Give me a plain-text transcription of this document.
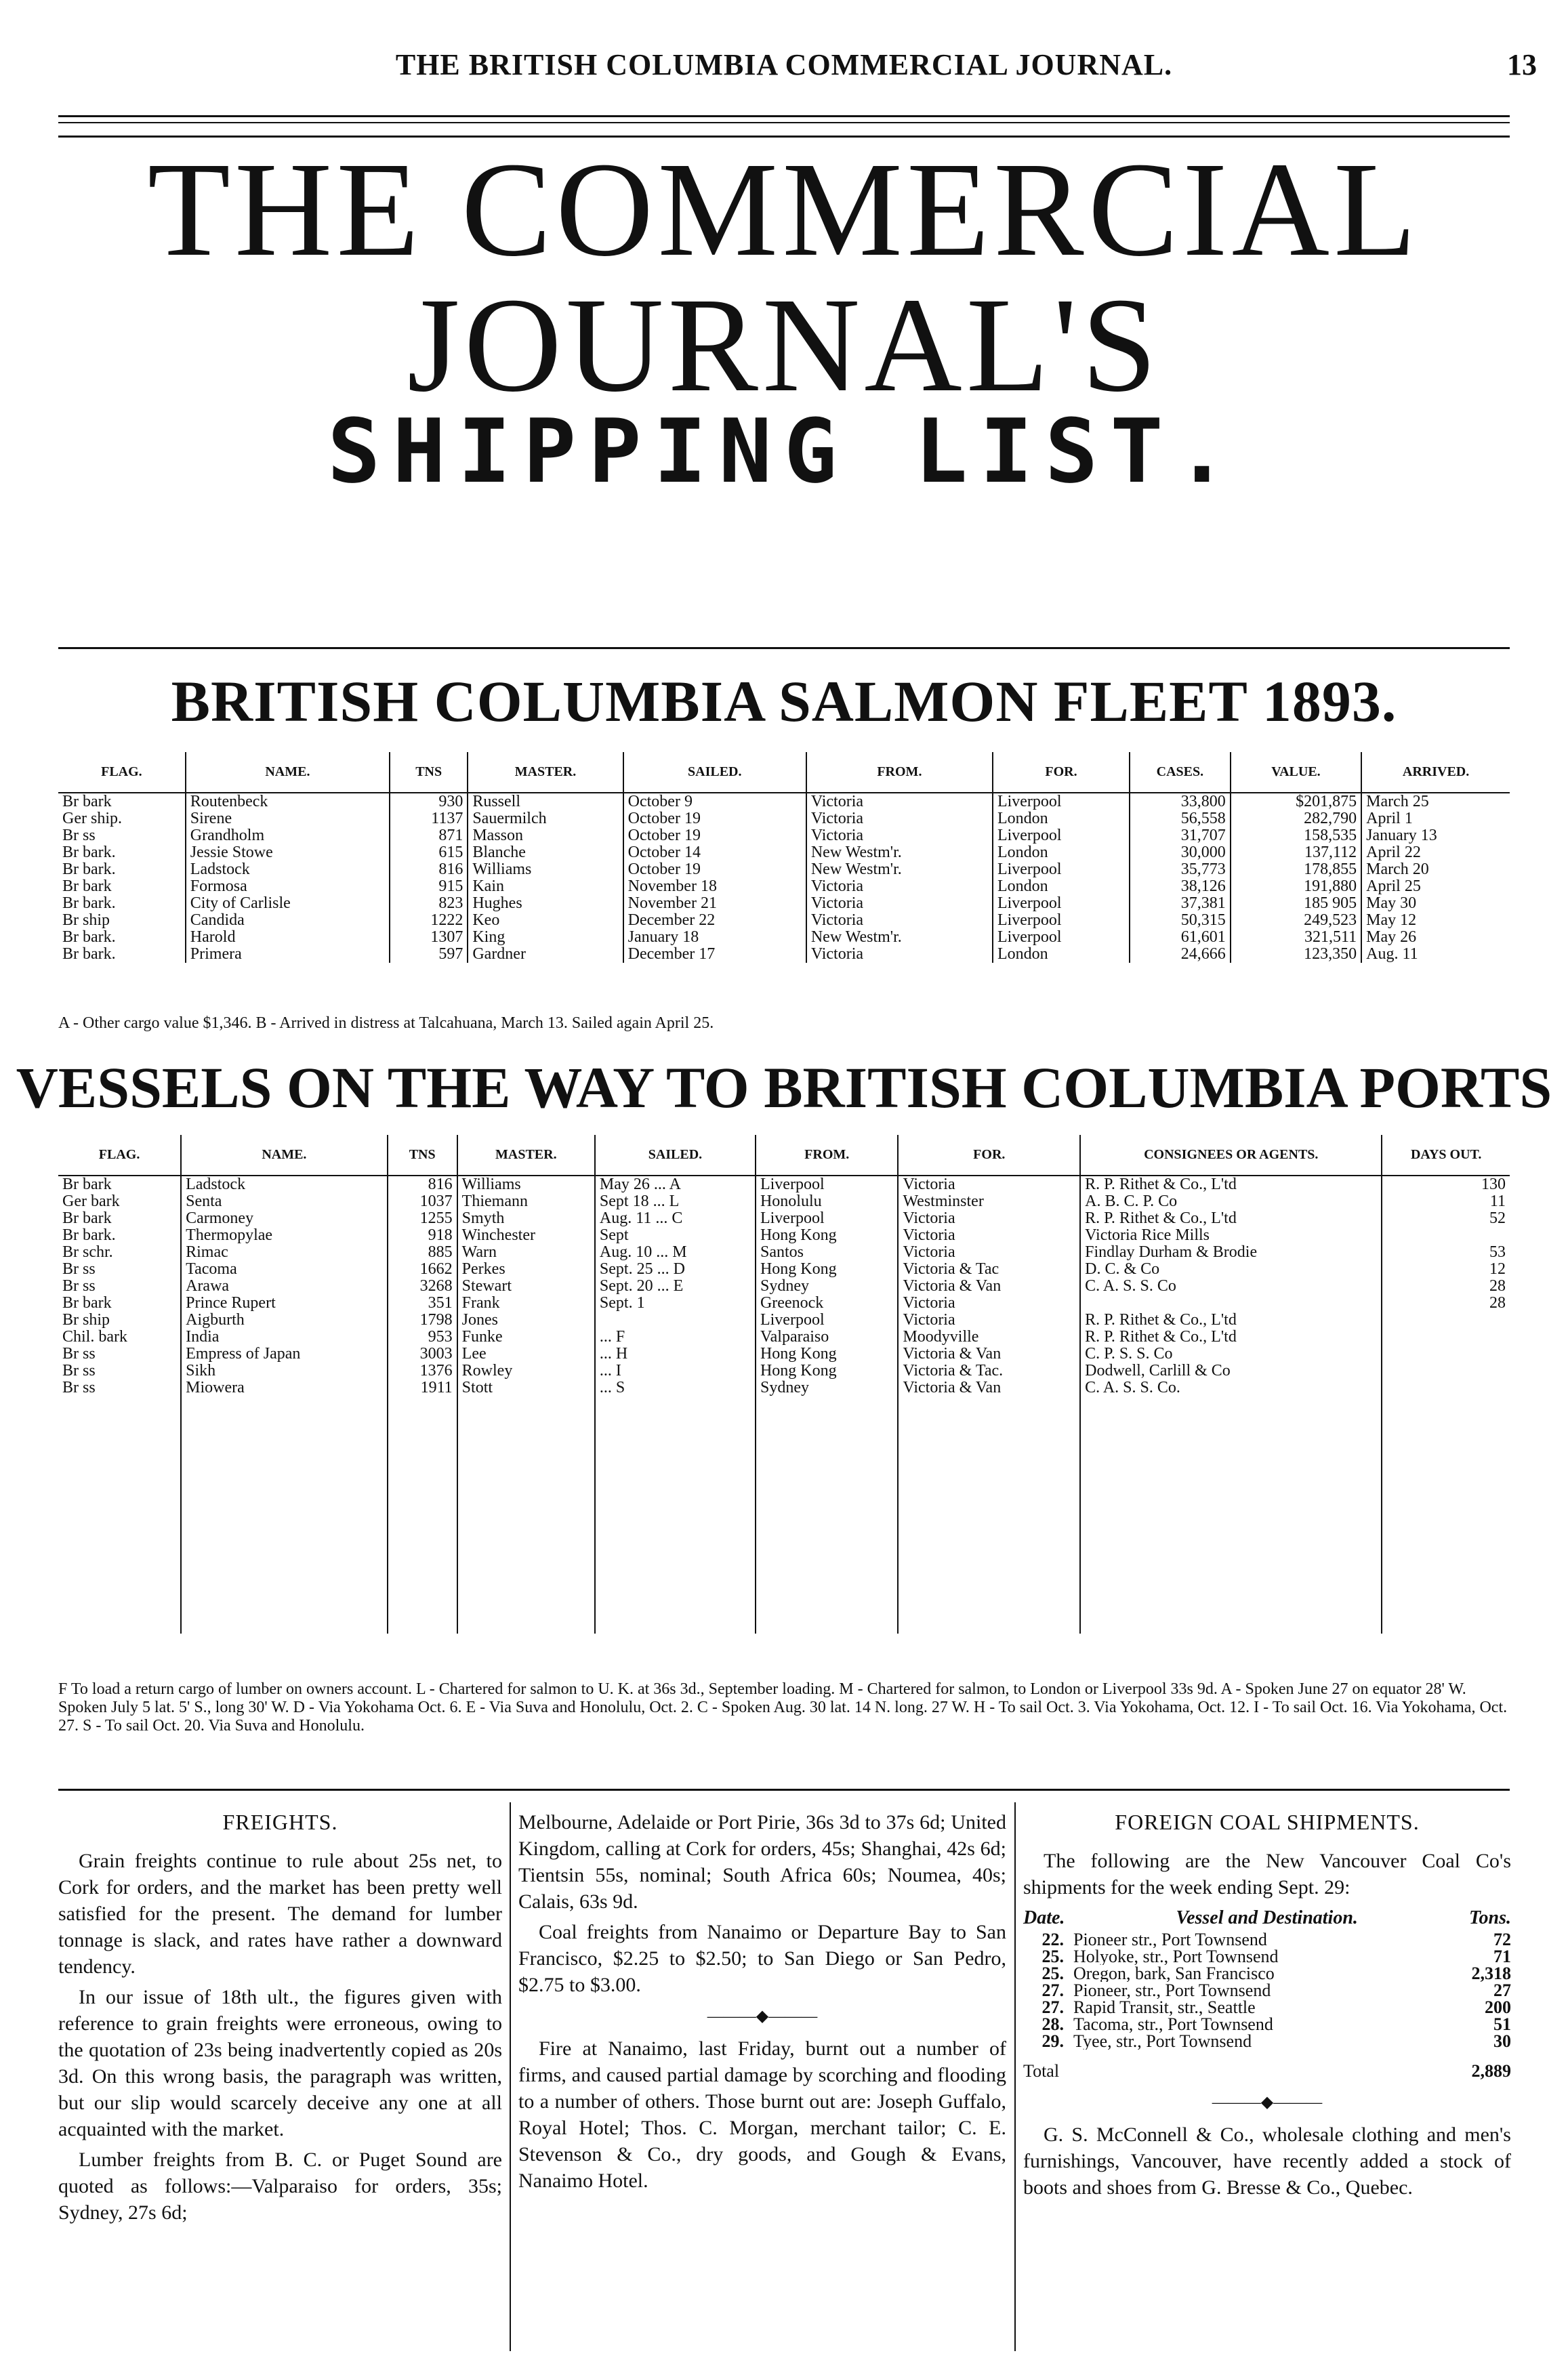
THE BRITISH COLUMBIA COMMERCIAL JOURNAL.	13
THE COMMERCIAL JOURNAL'S
SHIPPING LIST.
BRITISH COLUMBIA SALMON FLEET 1893.
FLAG.	NAME.	TNS	MASTER.	SAILED.	FROM.	FOR.	CASES.	VALUE.	ARRIVED.
Br bark	Routenbeck	930	Russell	October 9	Victoria	Liverpool	33,800	$201,875	March 25
Ger ship.	Sirene	1137	Sauermilch	October 19	Victoria	London	56,558	282,790	April 1
Br ss	Grandholm	871	Masson	October 19	Victoria	Liverpool	31,707	158,535	January 13
Br bark.	Jessie Stowe	615	Blanche	October 14	New Westm'r.	London	30,000	137,112	April 22
Br bark.	Ladstock	816	Williams	October 19	New Westm'r.	Liverpool	35,773	178,855	March 20
Br bark	Formosa	915	Kain	November 18	Victoria	London	38,126	191,880	April 25
Br bark.	City of Carlisle	823	Hughes	November 21	Victoria	Liverpool	37,381	185 905	May 30
Br ship	Candida	1222	Keo	December 22	Victoria	Liverpool	50,315	249,523	May 12
Br bark.	Harold	1307	King	January 18	New Westm'r.	Liverpool	61,601	321,511	May 26
Br bark.	Primera	597	Gardner	December 17	Victoria	London	24,666	123,350	Aug. 11
A - Other cargo value $1,346. B - Arrived in distress at Talcahuana, March 13. Sailed again April 25.
VESSELS ON THE WAY TO BRITISH COLUMBIA PORTS
FLAG.	NAME.	TNS	MASTER.	SAILED.	FROM.	FOR.	CONSIGNEES OR AGENTS.	DAYS OUT.
Br bark	Ladstock	816	Williams	May 26 ... A	Liverpool	Victoria	R. P. Rithet & Co., L'td	130
Ger bark	Senta	1037	Thiemann	Sept 18 ... L	Honolulu	Westminster	A. B. C. P. Co	11
Br bark	Carmoney	1255	Smyth	Aug. 11 ... C	Liverpool	Victoria	R. P. Rithet & Co., L'td	52
Br bark.	Thermopylae	918	Winchester	Sept	Hong Kong	Victoria	Victoria Rice Mills	
Br schr.	Rimac	885	Warn	Aug. 10 ... M	Santos	Victoria	Findlay Durham & Brodie	53
Br ss	Tacoma	1662	Perkes	Sept. 25 ... D	Hong Kong	Victoria & Tac	D. C. & Co	12
Br ss	Arawa	3268	Stewart	Sept. 20 ... E	Sydney	Victoria & Van	C. A. S. S. Co	28
Br bark	Prince Rupert	351	Frank	Sept. 1	Greenock	Victoria		28
Br ship	Aigburth	1798	Jones		Liverpool	Victoria	R. P. Rithet & Co., L'td	
Chil. bark	India	953	Funke	... F	Valparaiso	Moodyville	R. P. Rithet & Co., L'td	
Br ss	Empress of Japan	3003	Lee	... H	Hong Kong	Victoria & Van	C. P. S. S. Co	
Br ss	Sikh	1376	Rowley	... I	Hong Kong	Victoria & Tac.	Dodwell, Carlill & Co	
Br ss	Miowera	1911	Stott	... S	Sydney	Victoria & Van	C. A. S. S. Co.	

F To load a return cargo of lumber on owners account. L - Chartered for salmon to U. K. at 36s 3d., September loading. M - Chartered for salmon, to London or Liverpool 33s 9d. A - Spoken June 27 on equator 28' W. Spoken July 5 lat. 5' S., long 30' W. D - Via Yokohama Oct. 6. E - Via Suva and Honolulu, Oct. 2. C - Spoken Aug. 30 lat. 14 N. long. 27 W. H - To sail Oct. 3. Via Yokohama, Oct. 12. I - To sail Oct. 16. Via Yokohama, Oct. 27. S - To sail Oct. 20. Via Suva and Honolulu.
FREIGHTS.

Grain freights continue to rule about 25s net, to Cork for orders, and the market has been pretty well satisfied for the present. The demand for lumber tonnage is slack, and rates have rather a downward tendency.

In our issue of 18th ult., the figures given with reference to grain freights were erroneous, owing to the quotation of 23s being inadvertently copied as 20s 3d. On this wrong basis, the paragraph was written, but our slip would scarcely deceive any one at all acquainted with the market.

Lumber freights from B. C. or Puget Sound are quoted as follows:—Valparaiso for orders, 35s; Sydney, 27s 6d;

Melbourne, Adelaide or Port Pirie, 36s 3d to 37s 6d; United Kingdom, calling at Cork for orders, 45s; Shanghai, 42s 6d; Tientsin 55s, nominal; South Africa 60s; Noumea, 40s; Calais, 63s 9d.

Coal freights from Nanaimo or Departure Bay to San Francisco, $2.25 to $2.50; to San Diego or San Pedro, $2.75 to $3.00.

———◆———

Fire at Nanaimo, last Friday, burnt out a number of firms, and caused partial damage by scorching and flooding to a number of others. Those burnt out are: Joseph Guffalo, Royal Hotel; Thos. C. Morgan, merchant tailor; C. E. Stevenson & Co., dry goods, and Gough & Evans, Nanaimo Hotel.

FOREIGN COAL SHIPMENTS.

The following are the New Vancouver Coal Co's shipments for the week ending Sept. 29:

Date.	Vessel and Destination.	Tons.
22. Pioneer str., Port Townsend	72
25. Holyoke, str., Port Townsend	71
25. Oregon, bark, San Francisco	2,318
27. Pioneer, str., Port Townsend	27
27. Rapid Transit, str., Seattle	200
28. Tacoma, str., Port Townsend	51
29. Tyee, str., Port Townsend	30
Total	2,889
———◆———

G. S. McConnell & Co., wholesale clothing and men's furnishings, Vancouver, have recently added a stock of boots and shoes from G. Bresse & Co., Quebec.
